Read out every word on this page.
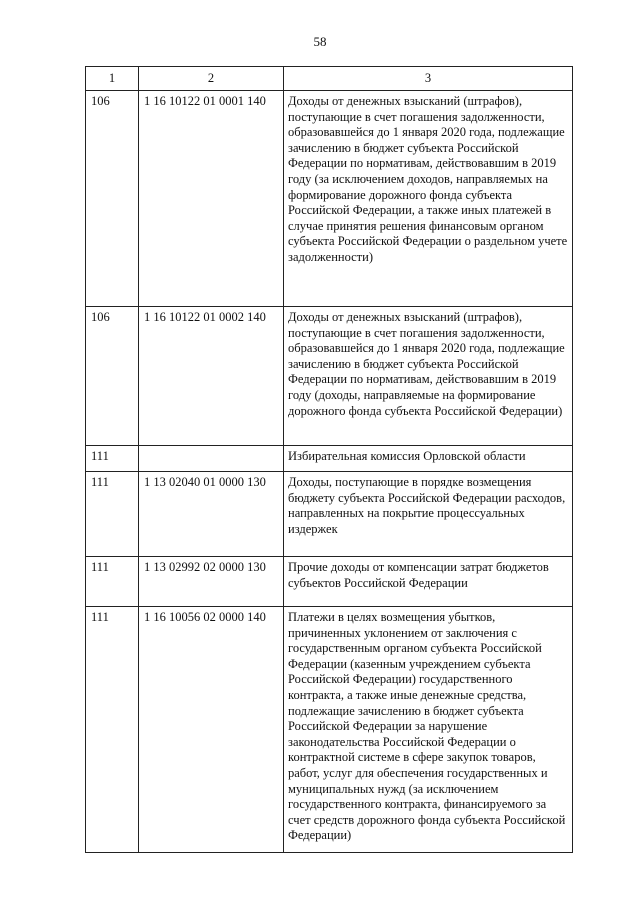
58
1	2	3

106	1 16 10122 01 0001 140	Доходы от денежных взысканий (штрафов), поступающие в счет погашения задолженности, образовавшейся до 1 января 2020 года, подлежащие зачислению в бюджет субъекта Российской Федерации по нормативам, действовавшим в 2019 году (за исключением доходов, направляемых на формирование дорожного фонда субъекта Российской Федерации, а также иных платежей в случае принятия решения финансовым органом субъекта Российской Федерации о раздельном учете задолженности)

106	1 16 10122 01 0002 140	Доходы от денежных взысканий (штрафов), поступающие в счет погашения задолженности, образовавшейся до 1 января 2020 года, подлежащие зачислению в бюджет субъекта Российской Федерации по нормативам, действовавшим в 2019 году (доходы, направляемые на формирование дорожного фонда субъекта Российской Федерации)

111		Избирательная комиссия Орловской области

111	1 13 02040 01 0000 130	Доходы, поступающие в порядке возмещения бюджету субъекта Российской Федерации расходов, направленных на покрытие процессуальных издержек

111	1 13 02992 02 0000 130	Прочие доходы от компенсации затрат бюджетов субъектов Российской Федерации

111	1 16 10056 02 0000 140	Платежи в целях возмещения убытков, причиненных уклонением от заключения с государственным органом субъекта Российской Федерации (казенным учреждением субъекта Российской Федерации) государственного контракта, а также иные денежные средства, подлежащие зачислению в бюджет субъекта Российской Федерации за нарушение законодательства Российской Федерации о контрактной системе в сфере закупок товаров, работ, услуг для обеспечения государственных и муниципальных нужд (за исключением государственного контракта, финансируемого за счет средств дорожного фонда субъекта Российской Федерации)
